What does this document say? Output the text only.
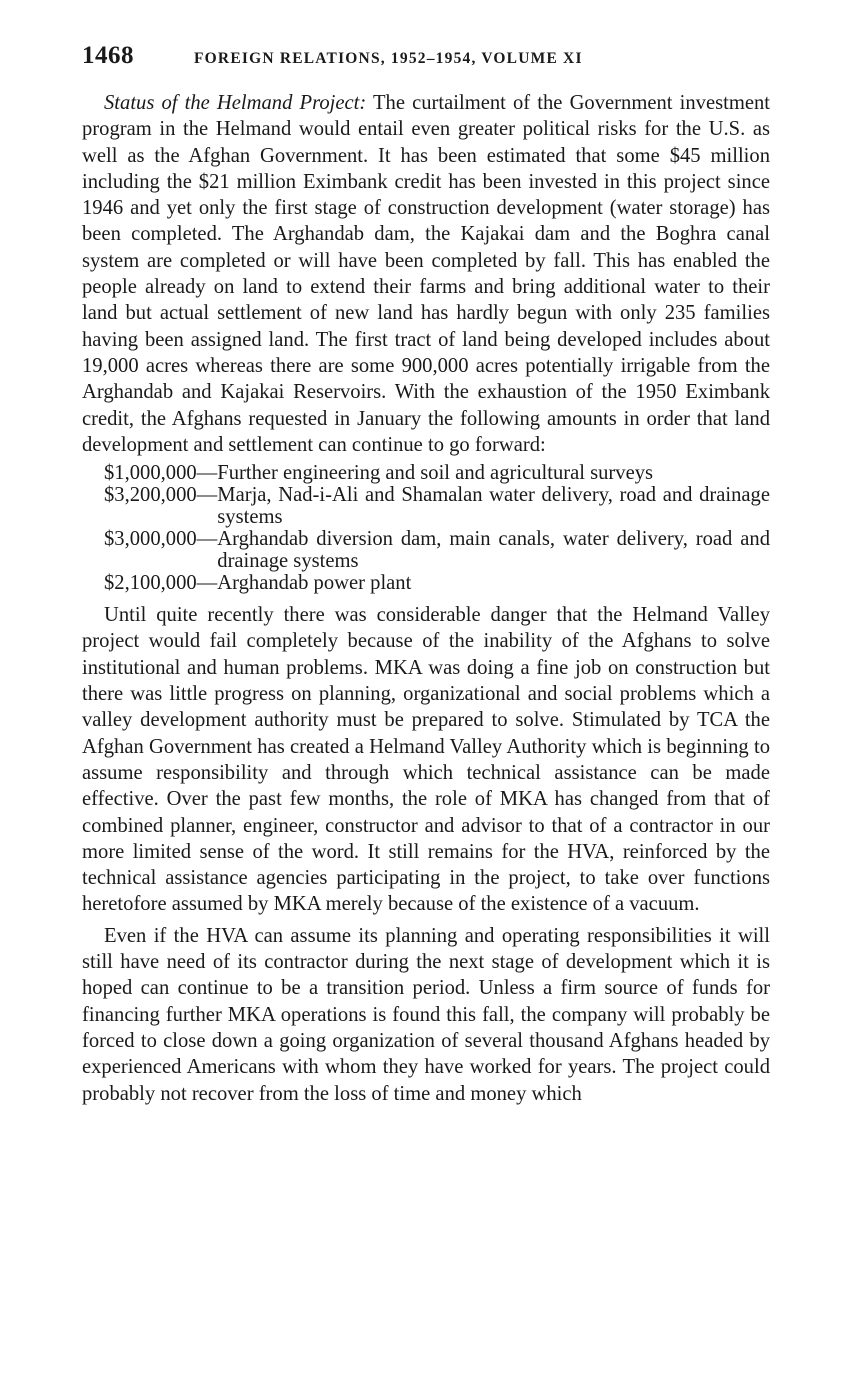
1468	FOREIGN RELATIONS, 1952–1954, VOLUME XI

Status of the Helmand Project: The curtailment of the Government investment program in the Helmand would entail even greater political risks for the U.S. as well as the Afghan Government. It has been estimated that some $45 million including the $21 million Eximbank credit has been invested in this project since 1946 and yet only the first stage of construction development (water storage) has been completed. The Arghandab dam, the Kajakai dam and the Boghra canal system are completed or will have been completed by fall. This has enabled the people already on land to extend their farms and bring additional water to their land but actual settlement of new land has hardly begun with only 235 families having been assigned land. The first tract of land being developed includes about 19,000 acres whereas there are some 900,000 acres potentially irrigable from the Arghandab and Kajakai Reservoirs. With the exhaustion of the 1950 Eximbank credit, the Afghans requested in January the following amounts in order that land development and settlement can continue to go forward:

$1,000,000— Further engineering and soil and agricultural surveys
$3,200,000— Marja, Nad-i-Ali and Shamalan water delivery, road and drainage systems
$3,000,000— Arghandab diversion dam, main canals, water delivery, road and drainage systems
$2,100,000— Arghandab power plant

Until quite recently there was considerable danger that the Helmand Valley project would fail completely because of the inability of the Afghans to solve institutional and human problems. MKA was doing a fine job on construction but there was little progress on planning, organizational and social problems which a valley development authority must be prepared to solve. Stimulated by TCA the Afghan Government has created a Helmand Valley Authority which is beginning to assume responsibility and through which technical assistance can be made effective. Over the past few months, the role of MKA has changed from that of combined planner, engineer, constructor and advisor to that of a contractor in our more limited sense of the word. It still remains for the HVA, reinforced by the technical assistance agencies participating in the project, to take over functions heretofore assumed by MKA merely because of the existence of a vacuum.

Even if the HVA can assume its planning and operating responsibilities it will still have need of its contractor during the next stage of development which it is hoped can continue to be a transition period. Unless a firm source of funds for financing further MKA operations is found this fall, the company will probably be forced to close down a going organization of several thousand Afghans headed by experienced Americans with whom they have worked for years. The project could probably not recover from the loss of time and money which
